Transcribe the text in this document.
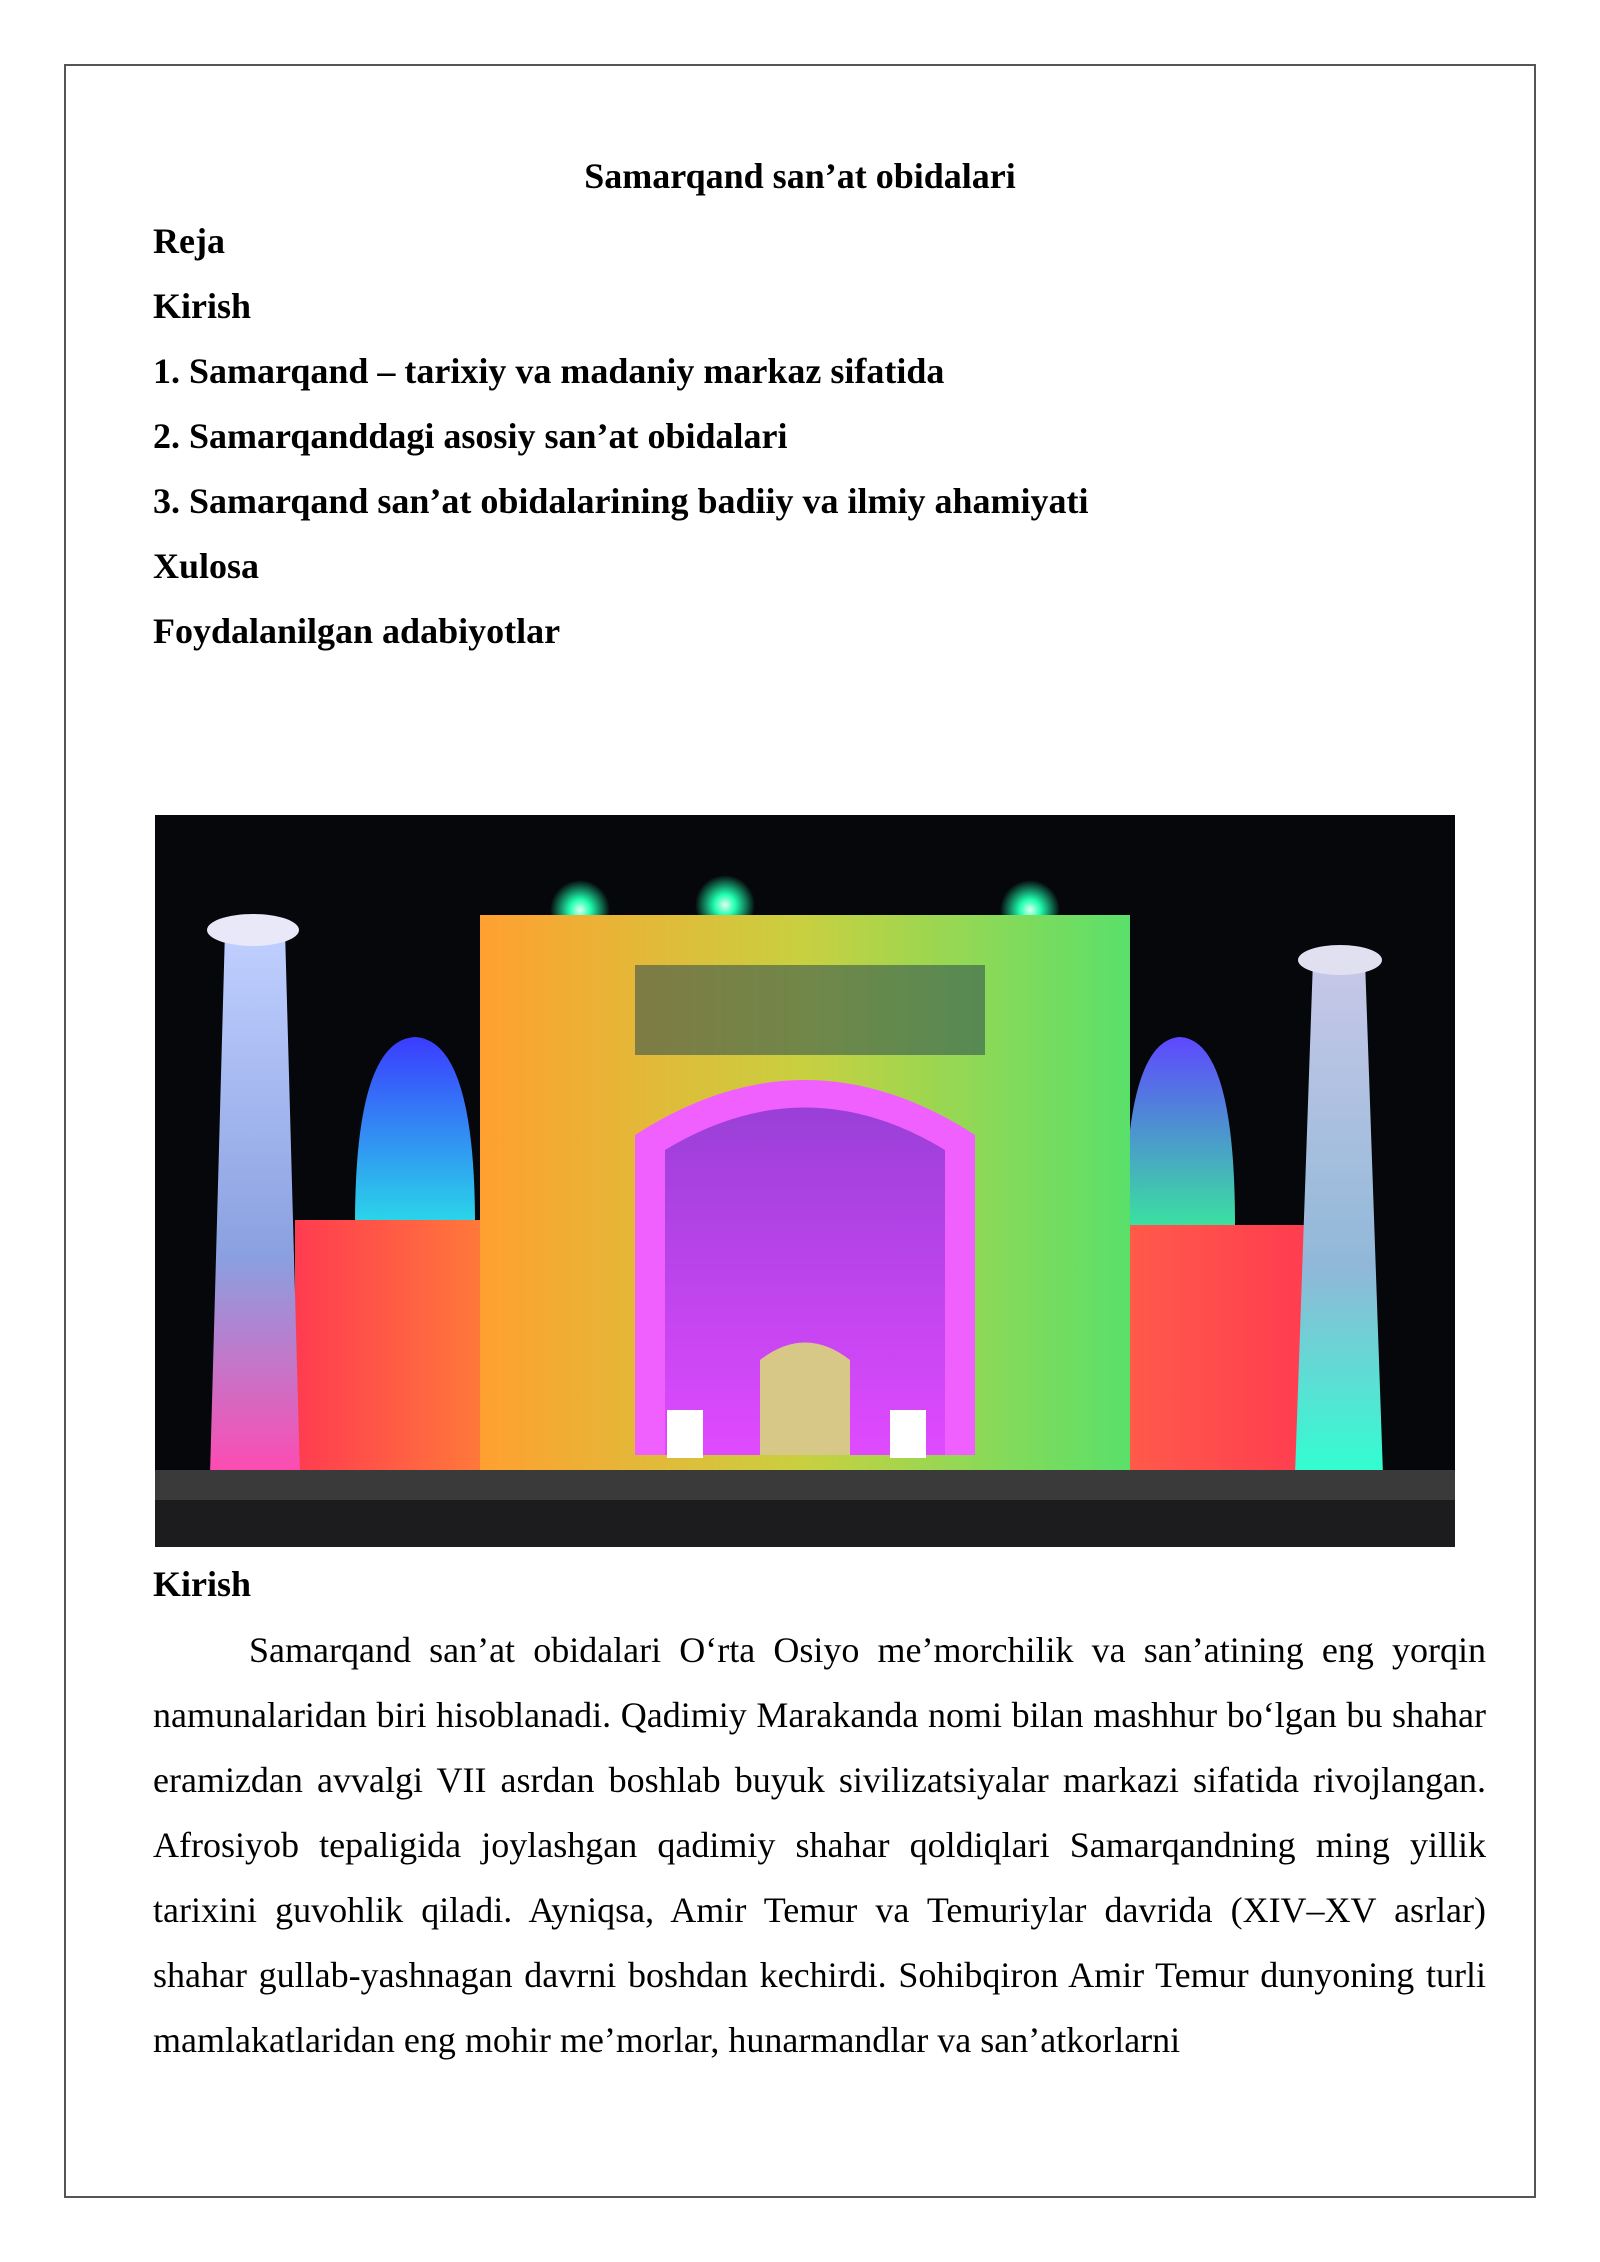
Samarqand san’at obidalari
Reja
Kirish
1. Samarqand – tarixiy va madaniy markaz sifatida
2. Samarqanddagi asosiy san’at obidalari
3. Samarqand san’at obidalarining badiiy va ilmiy ahamiyati
Xulosa
Foydalanilgan adabiyotlar
Kirish

Samarqand san’at obidalari O‘rta Osiyo me’morchilik va san’atining eng yorqin namunalaridan biri hisoblanadi. Qadimiy Marakanda nomi bilan mashhur bo‘lgan bu shahar eramizdan avvalgi VII asrdan boshlab buyuk sivilizatsiyalar markazi sifatida rivojlangan. Afrosiyob tepaligida joylashgan qadimiy shahar qoldiqlari Samarqandning ming yillik tarixini guvohlik qiladi. Ayniqsa, Amir Temur va Temuriylar davrida (XIV–XV asrlar) shahar gullab-yashnagan davrni boshdan kechirdi. Sohibqiron Amir Temur dunyoning turli mamlakatlaridan eng mohir me’morlar, hunarmandlar va san’atkorlarni
